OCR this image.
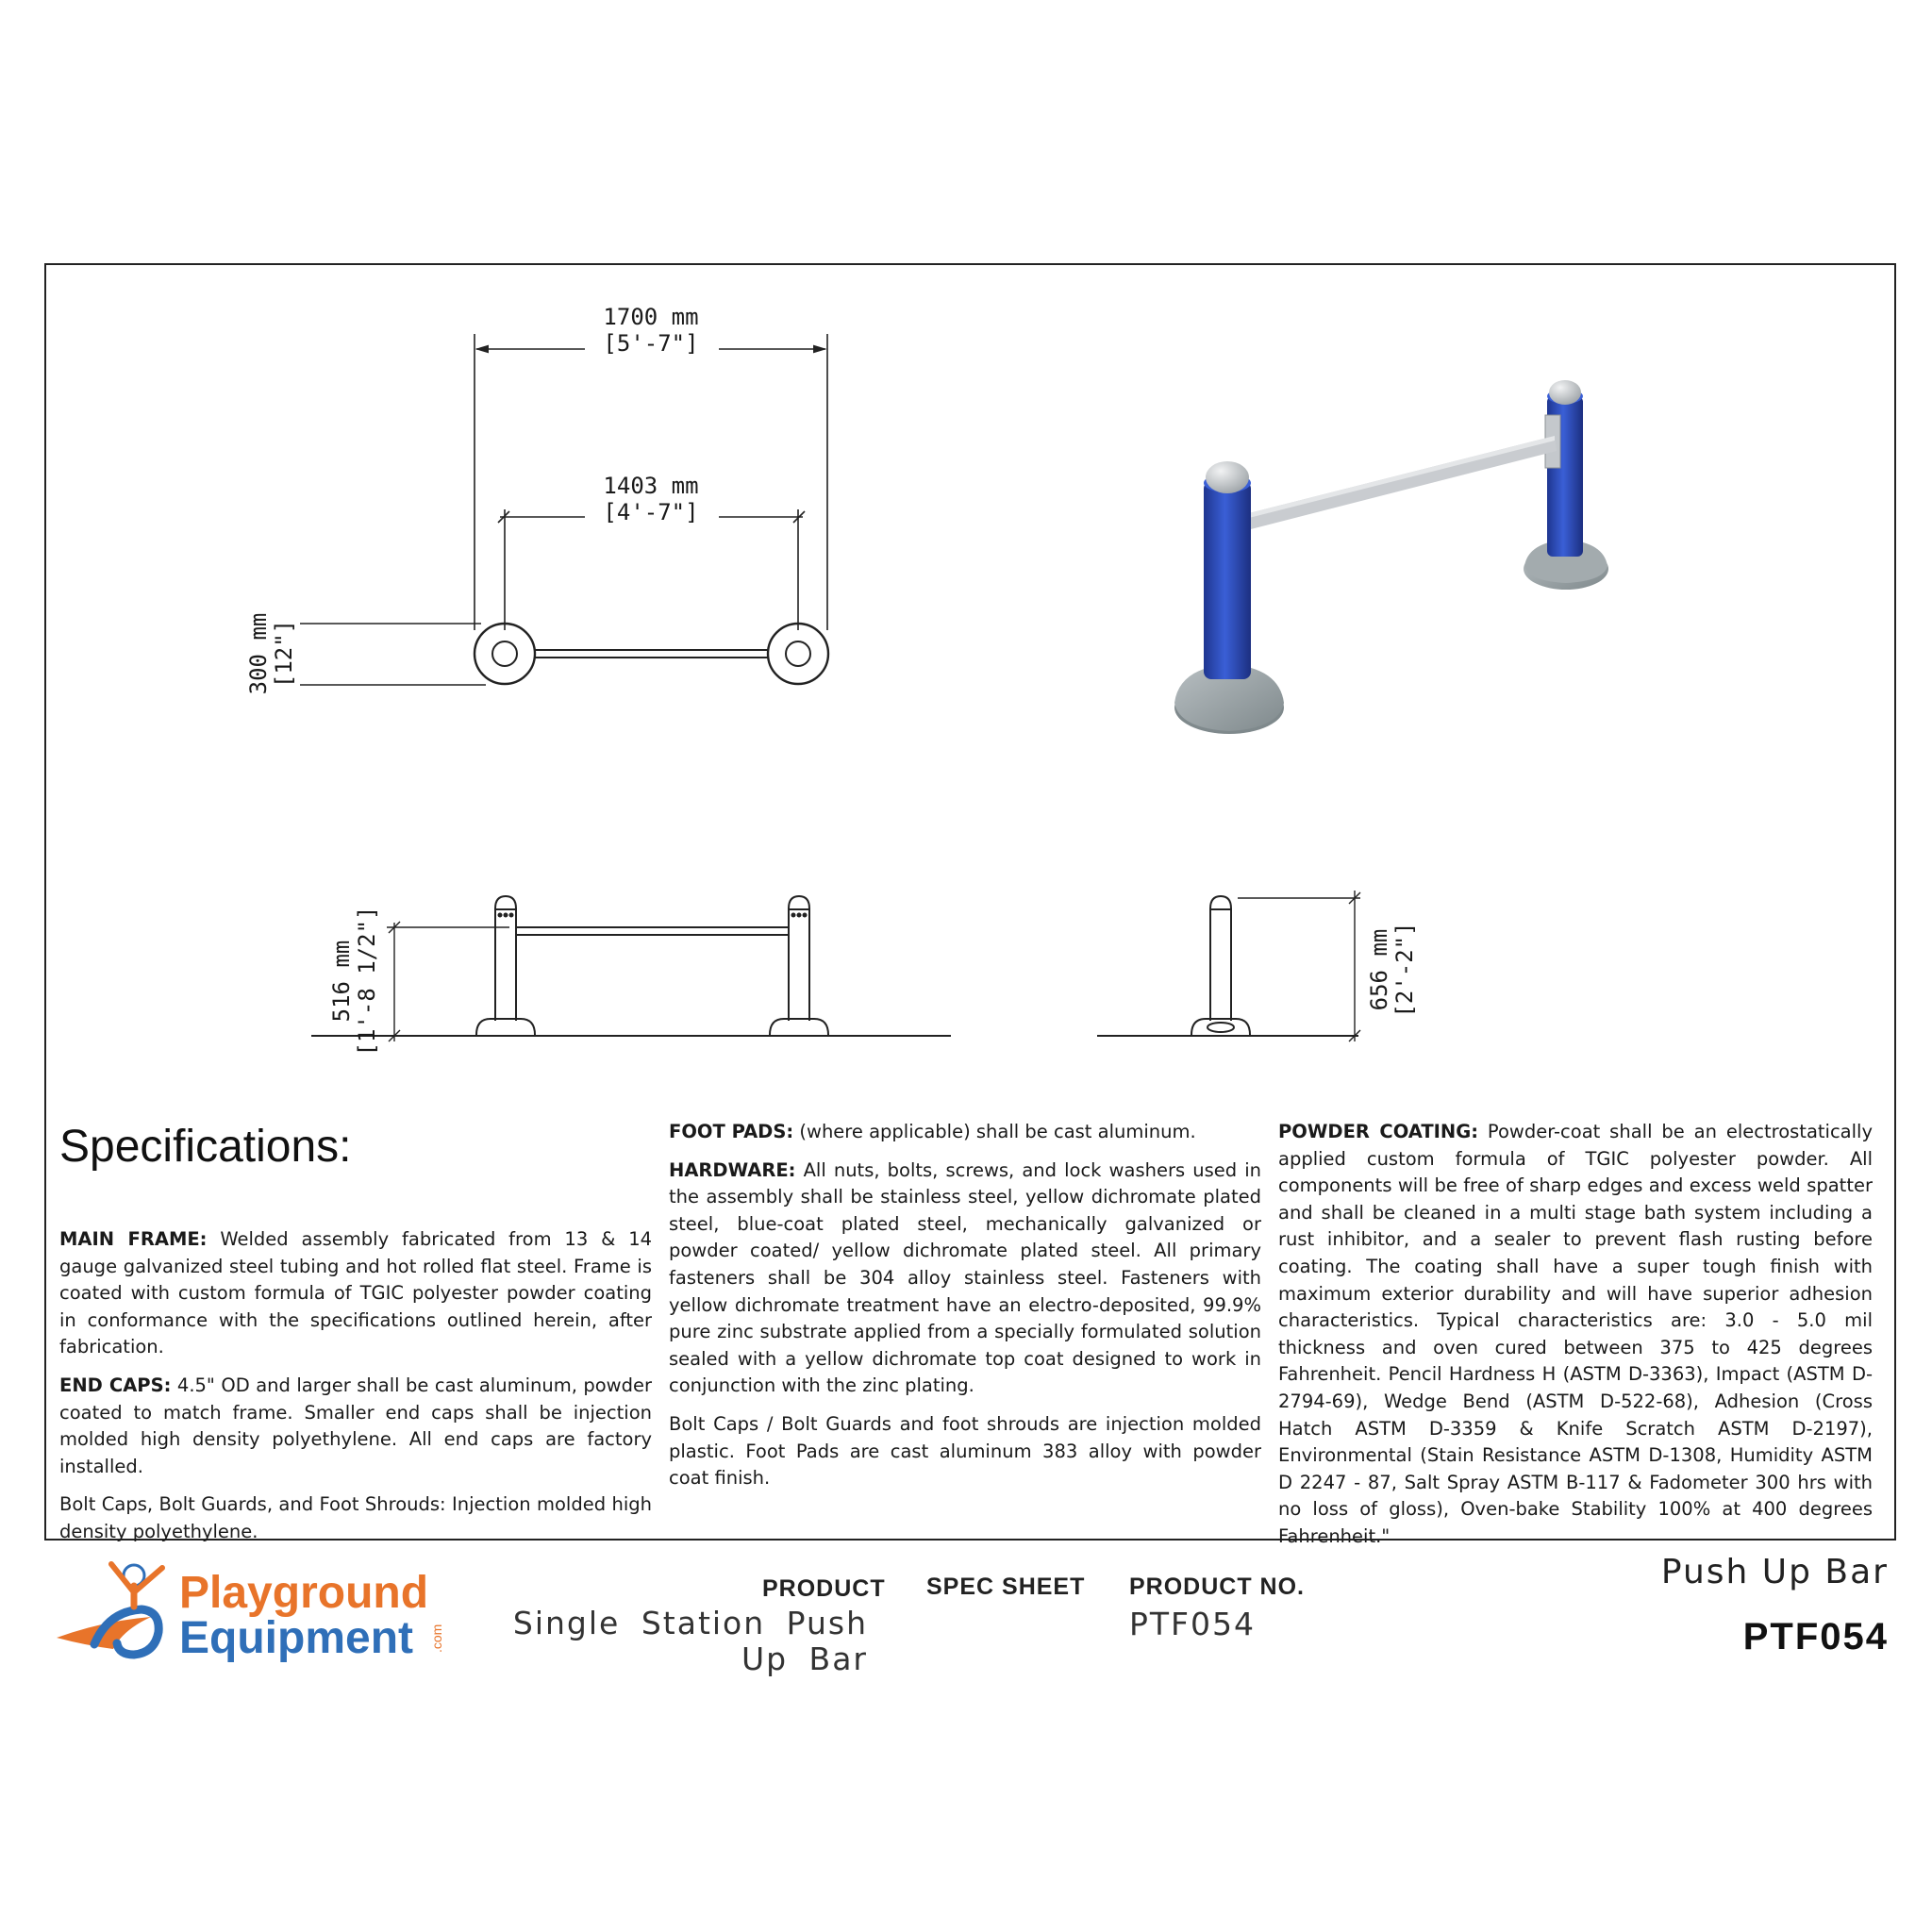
1700 mm
[5'-7"]
1403 mm
[4'-7"]
300 mm [12"]
516 mm [1'-8 1/2"]	656 mm [2'-2"]
Specifications:

MAIN FRAME: Welded assembly fabricated from 13 & 14 gauge galvanized steel tubing and hot rolled flat steel. Frame is coated with custom formula of TGIC polyester powder coating in conformance with the specifications outlined herein, after fabrication.

END CAPS: 4.5" OD and larger shall be cast aluminum, powder coated to match frame. Smaller end caps shall be injection molded high density polyethylene. All end caps are factory installed.

Bolt Caps, Bolt Guards, and Foot Shrouds: Injection molded high density polyethylene.

FOOT PADS: (where applicable) shall be cast aluminum.

HARDWARE: All nuts, bolts, screws, and lock washers used in the assembly shall be stainless steel, yellow dichromate plated steel, blue-coat plated steel, mechanically galvanized or powder coated/ yellow dichromate plated steel. All primary fasteners shall be 304 alloy stainless steel. Fasteners with yellow dichromate treatment have an electro-deposited, 99.9% pure zinc substrate applied from a specially formulated solution sealed with a yellow dichromate top coat designed to work in conjunction with the zinc plating.

Bolt Caps / Bolt Guards and foot shrouds are injection molded plastic. Foot Pads are cast aluminum 383 alloy with powder coat finish.

POWDER COATING: Powder-coat shall be an electrostatically applied custom formula of TGIC polyester powder. All components will be free of sharp edges and excess weld spatter and shall be cleaned in a multi stage bath system including a rust inhibitor, and a sealer to prevent flash rusting before coating. The coating shall have a super tough finish with maximum exterior durability and will have superior adhesion characteristics. Typical characteristics are: 3.0 - 5.0 mil thickness and oven cured between 375 to 425 degrees Fahrenheit. Pencil Hardness H (ASTM D-3363), Impact (ASTM D-2794-69), Wedge Bend (ASTM D-522-68), Adhesion (Cross Hatch ASTM D-3359 & Knife Scratch ASTM D-2197), Environmental (Stain Resistance ASTM D-1308, Humidity ASTM D 2247 - 87, Salt Spray ASTM B-117 & Fadometer 300 hrs with no loss of gloss), Oven-bake Stability 100% at 400 degrees Fahrenheit."

Playground
Equipment .com
PRODUCT
Single Station Push Up Bar
SPEC SHEET PRODUCT NO.
PTF054
Push Up Bar
PTF054
